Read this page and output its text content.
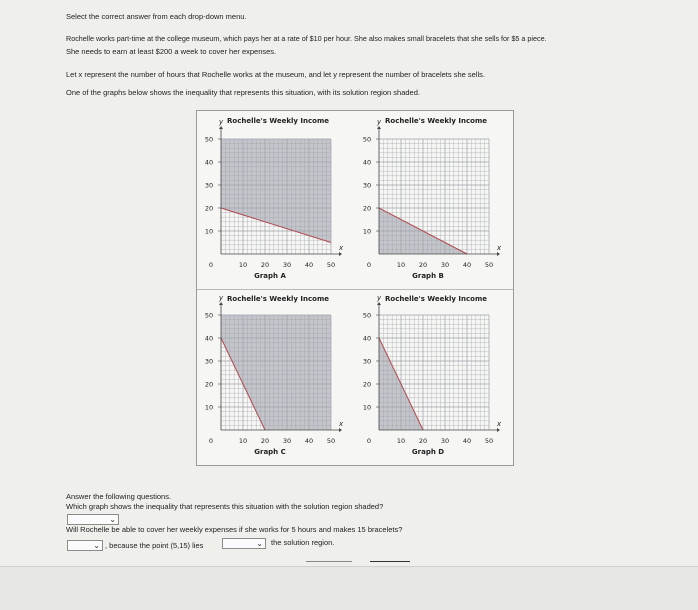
Select the correct answer from each drop-down menu.

Rochelle works part-time at the college museum, which pays her at a rate of $10 per hour. She also makes small bracelets that she sells for $5 a piece.

She needs to earn at least $200 a week to cover her expenses.

Let x represent the number of hours that Rochelle works at the museum, and let y represent the number of bracelets she sells.

One of the graphs below shows the inequality that represents this situation, with its solution region shaded.

Rochelle's Weekly Income
y
x
0	10 20 30 40 50
10
20
30
40
50
Graph A
Rochelle's Weekly Income
y
x
0	10 20 30 40 50
10
20
30
40
50
Graph B
Rochelle's Weekly Income
y
x
0	10 20 30 40 50
10
20
30
40
50
Graph C
Rochelle's Weekly Income
y
x
0	10 20 30 40 50
10
20
30
40
50
Graph D

Answer the following questions.

Which graph shows the inequality that represents this situation with the solution region shaded?

⌄

Will Rochelle be able to cover her weekly expenses if she works for 5 hours and makes 15 bracelets?

⌄ , because the point (5,15) lies	⌄ the solution region.
